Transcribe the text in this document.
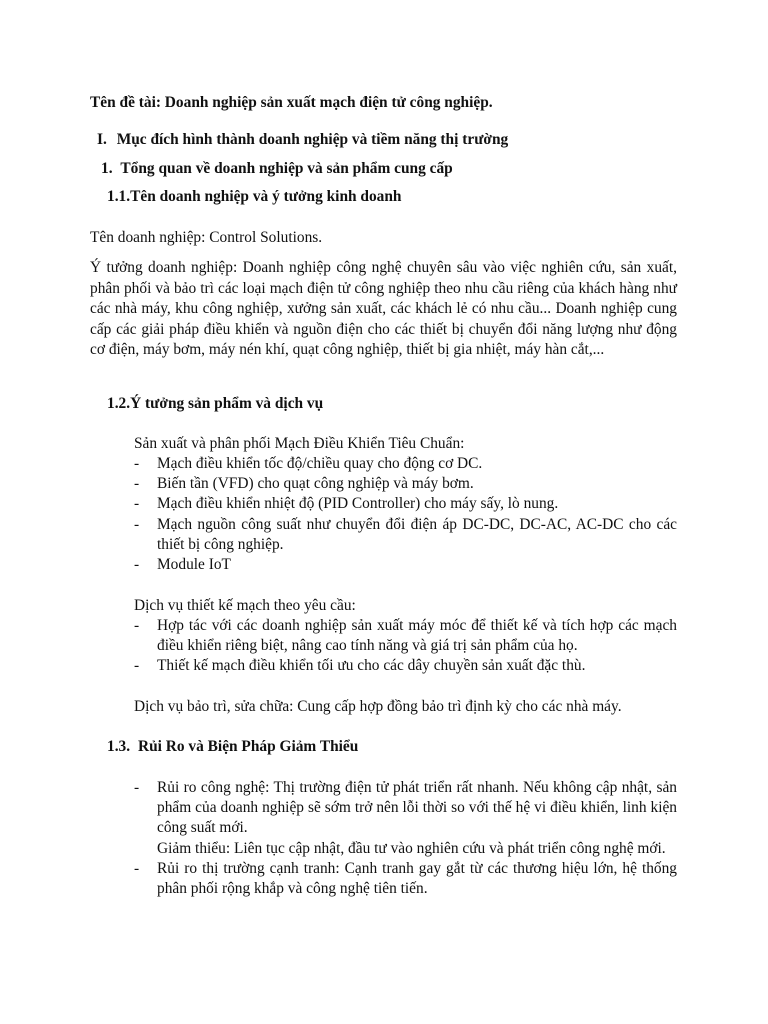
Tên đề tài: Doanh nghiệp sản xuất mạch điện tử công nghiệp.
I. Mục đích hình thành doanh nghiệp và tiềm năng thị trường
1. Tổng quan về doanh nghiệp và sản phẩm cung cấp
1.1.Tên doanh nghiệp và ý tưởng kinh doanh
Tên doanh nghiệp: Control Solutions.
Ý tưởng doanh nghiệp: Doanh nghiệp công nghệ chuyên sâu vào việc nghiên cứu, sản xuất, phân phối và bảo trì các loại mạch điện tử công nghiệp theo nhu cầu riêng của khách hàng như các nhà máy, khu công nghiệp, xưởng sản xuất, các khách lẻ có nhu cầu... Doanh nghiệp cung cấp các giải pháp điều khiển và nguồn điện cho các thiết bị chuyển đổi năng lượng như động cơ điện, máy bơm, máy nén khí, quạt công nghiệp, thiết bị gia nhiệt, máy hàn cắt,...
1.2.Ý tưởng sản phẩm và dịch vụ
Sản xuất và phân phối Mạch Điều Khiển Tiêu Chuẩn:
- Mạch điều khiển tốc độ/chiều quay cho động cơ DC.
- Biến tần (VFD) cho quạt công nghiệp và máy bơm.
- Mạch điều khiển nhiệt độ (PID Controller) cho máy sấy, lò nung.
- Mạch nguồn công suất như chuyển đổi điện áp DC-DC, DC-AC, AC-DC cho các thiết bị công nghiệp.
- Module IoT
Dịch vụ thiết kế mạch theo yêu cầu:
- Hợp tác với các doanh nghiệp sản xuất máy móc để thiết kế và tích hợp các mạch điều khiển riêng biệt, nâng cao tính năng và giá trị sản phẩm của họ.
- Thiết kế mạch điều khiển tối ưu cho các dây chuyền sản xuất đặc thù.
Dịch vụ bảo trì, sửa chữa: Cung cấp hợp đồng bảo trì định kỳ cho các nhà máy.
1.3. Rủi Ro và Biện Pháp Giảm Thiểu
- Rủi ro công nghệ: Thị trường điện tử phát triển rất nhanh. Nếu không cập nhật, sản phẩm của doanh nghiệp sẽ sớm trở nên lỗi thời so với thế hệ vi điều khiển, linh kiện công suất mới.
Giảm thiểu: Liên tục cập nhật, đầu tư vào nghiên cứu và phát triển công nghệ mới.
- Rủi ro thị trường cạnh tranh: Cạnh tranh gay gắt từ các thương hiệu lớn, hệ thống phân phối rộng khắp và công nghệ tiên tiến.
